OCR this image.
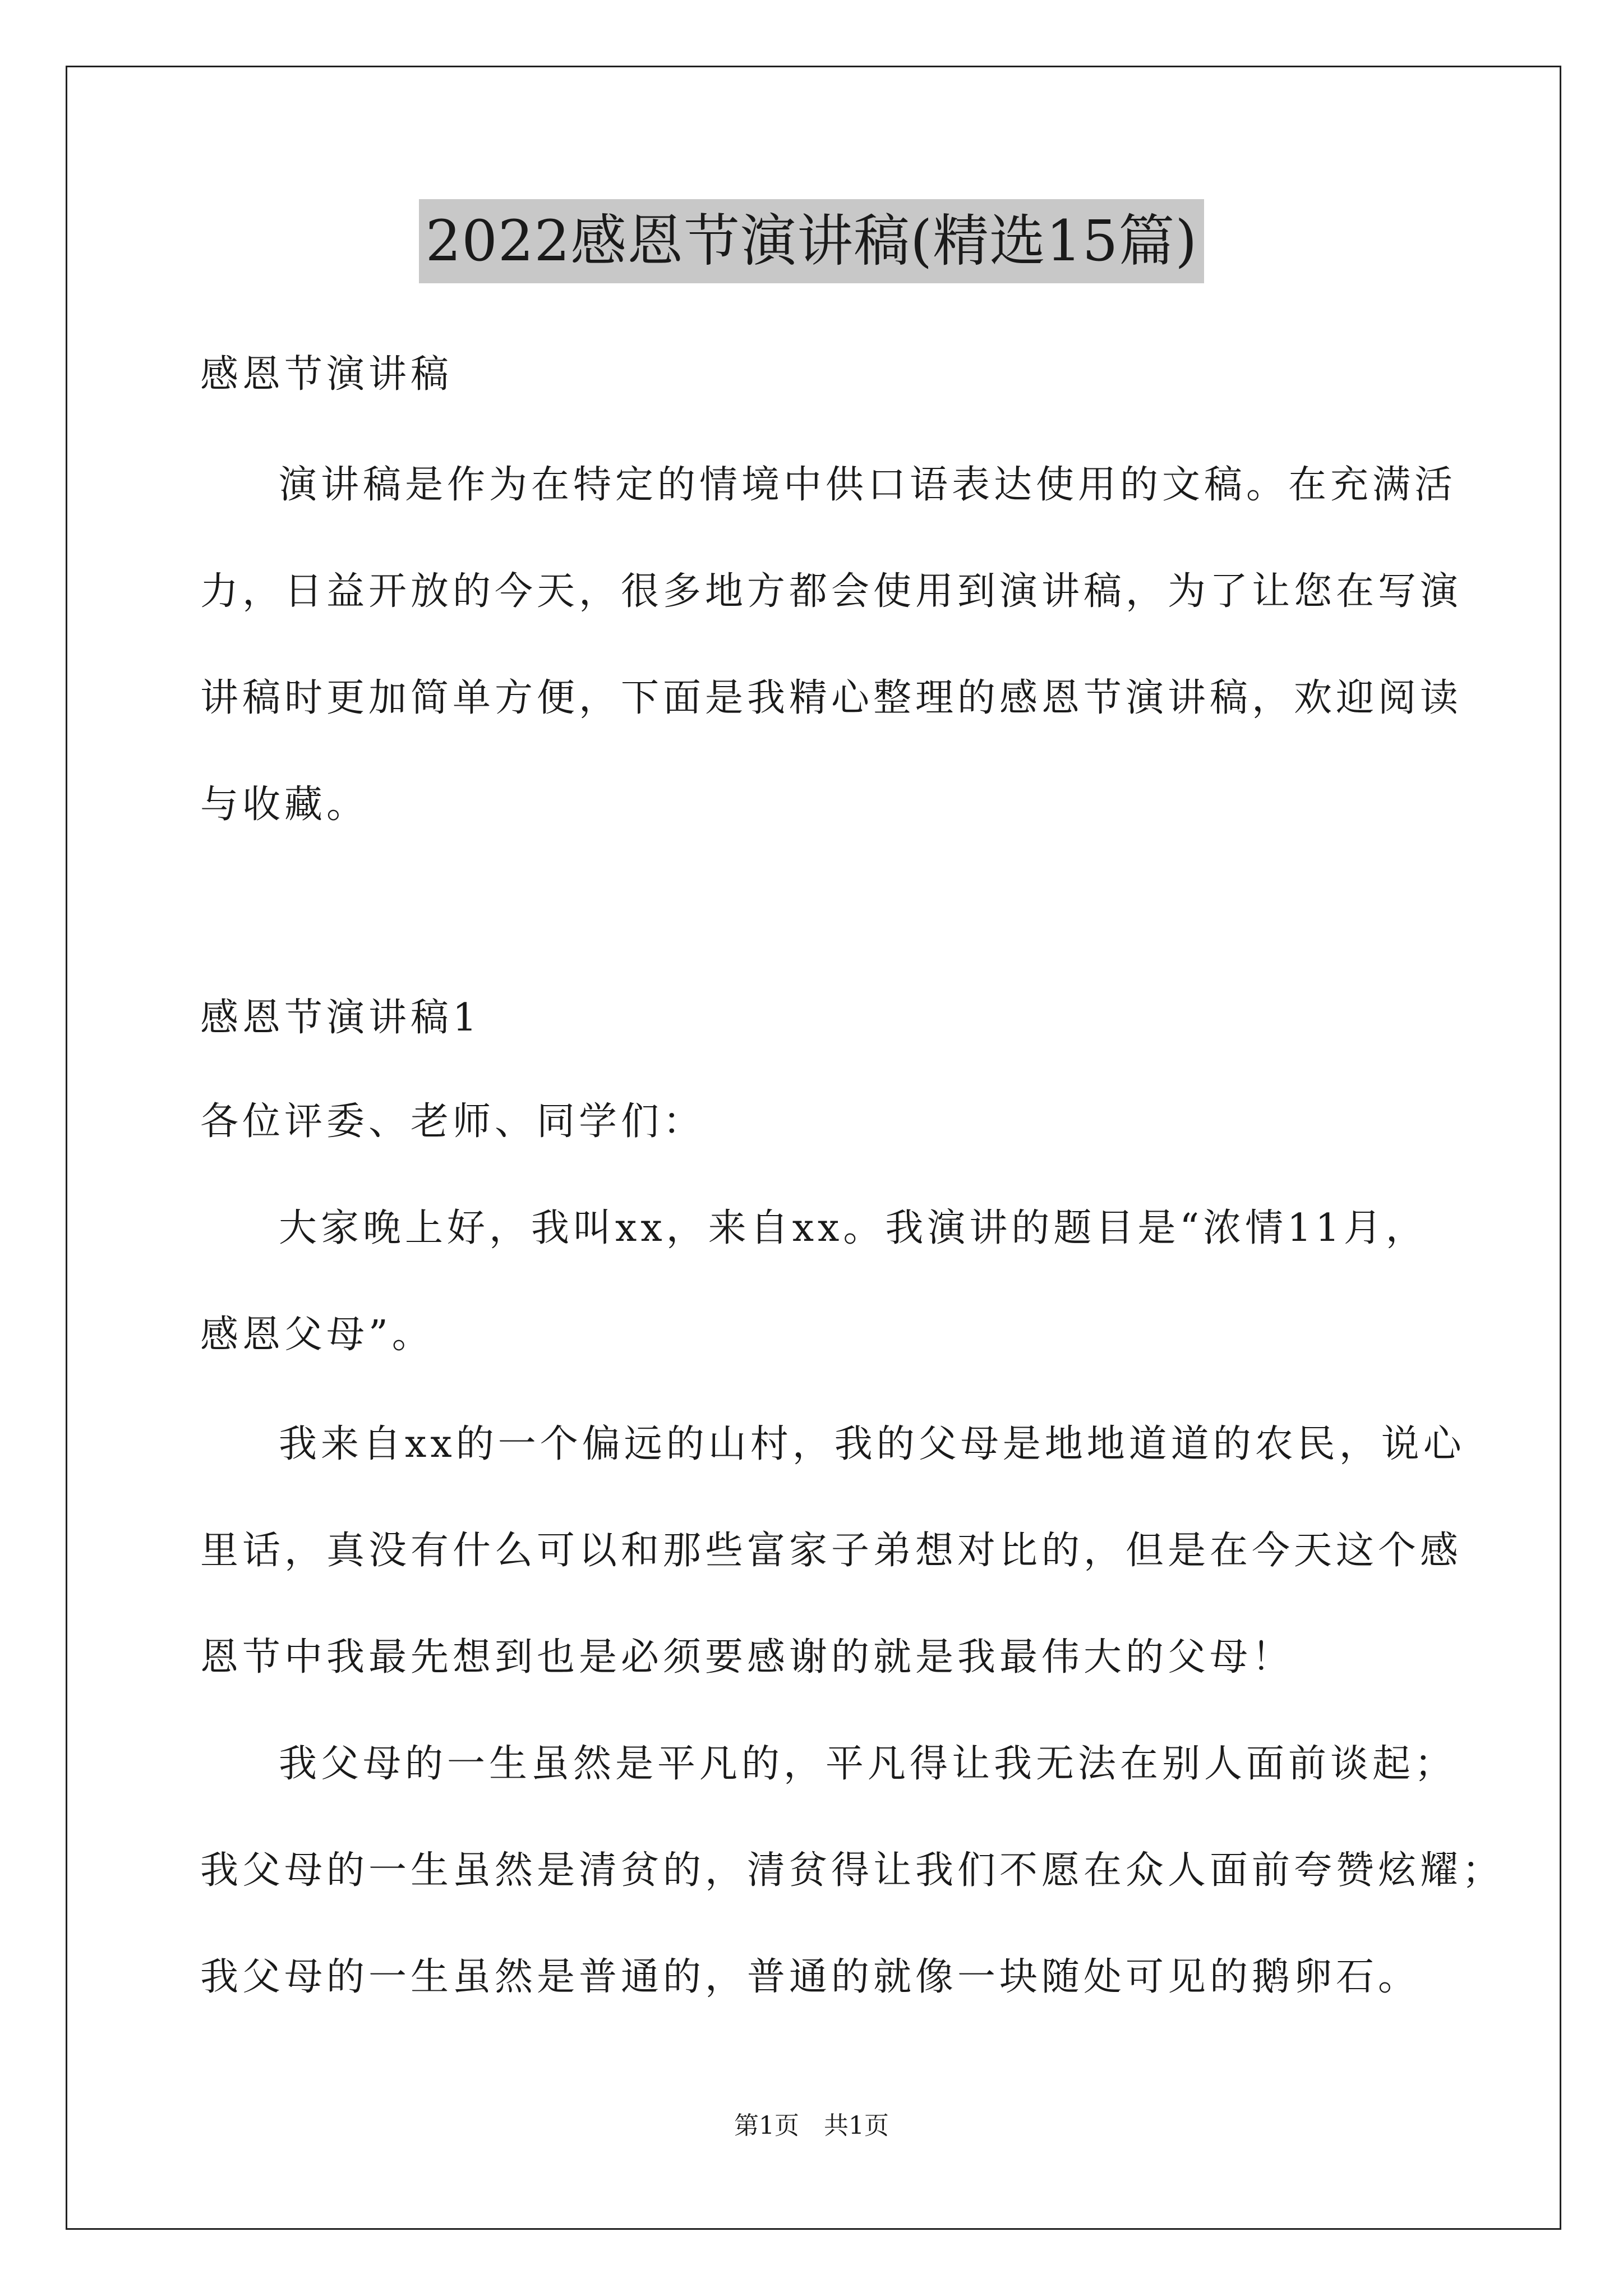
2022感恩节演讲稿(精选15篇)
感恩节演讲稿
演讲稿是作为在特定的情境中供口语表达使用的文稿。在充满活
力，日益开放的今天，很多地方都会使用到演讲稿，为了让您在写演
讲稿时更加简单方便，下面是我精心整理的感恩节演讲稿，欢迎阅读
与收藏。
感恩节演讲稿1
各位评委、老师、同学们：
大家晚上好，我叫xx，来自xx。我演讲的题目是“浓情11月，
感恩父母”。
我来自xx的一个偏远的山村，我的父母是地地道道的农民，说心
里话，真没有什么可以和那些富家子弟想对比的，但是在今天这个感
恩节中我最先想到也是必须要感谢的就是我最伟大的父母！
我父母的一生虽然是平凡的，平凡得让我无法在别人面前谈起；
我父母的一生虽然是清贫的，清贫得让我们不愿在众人面前夸赞炫耀；
我父母的一生虽然是普通的，普通的就像一块随处可见的鹅卵石。
第1页　共1页
